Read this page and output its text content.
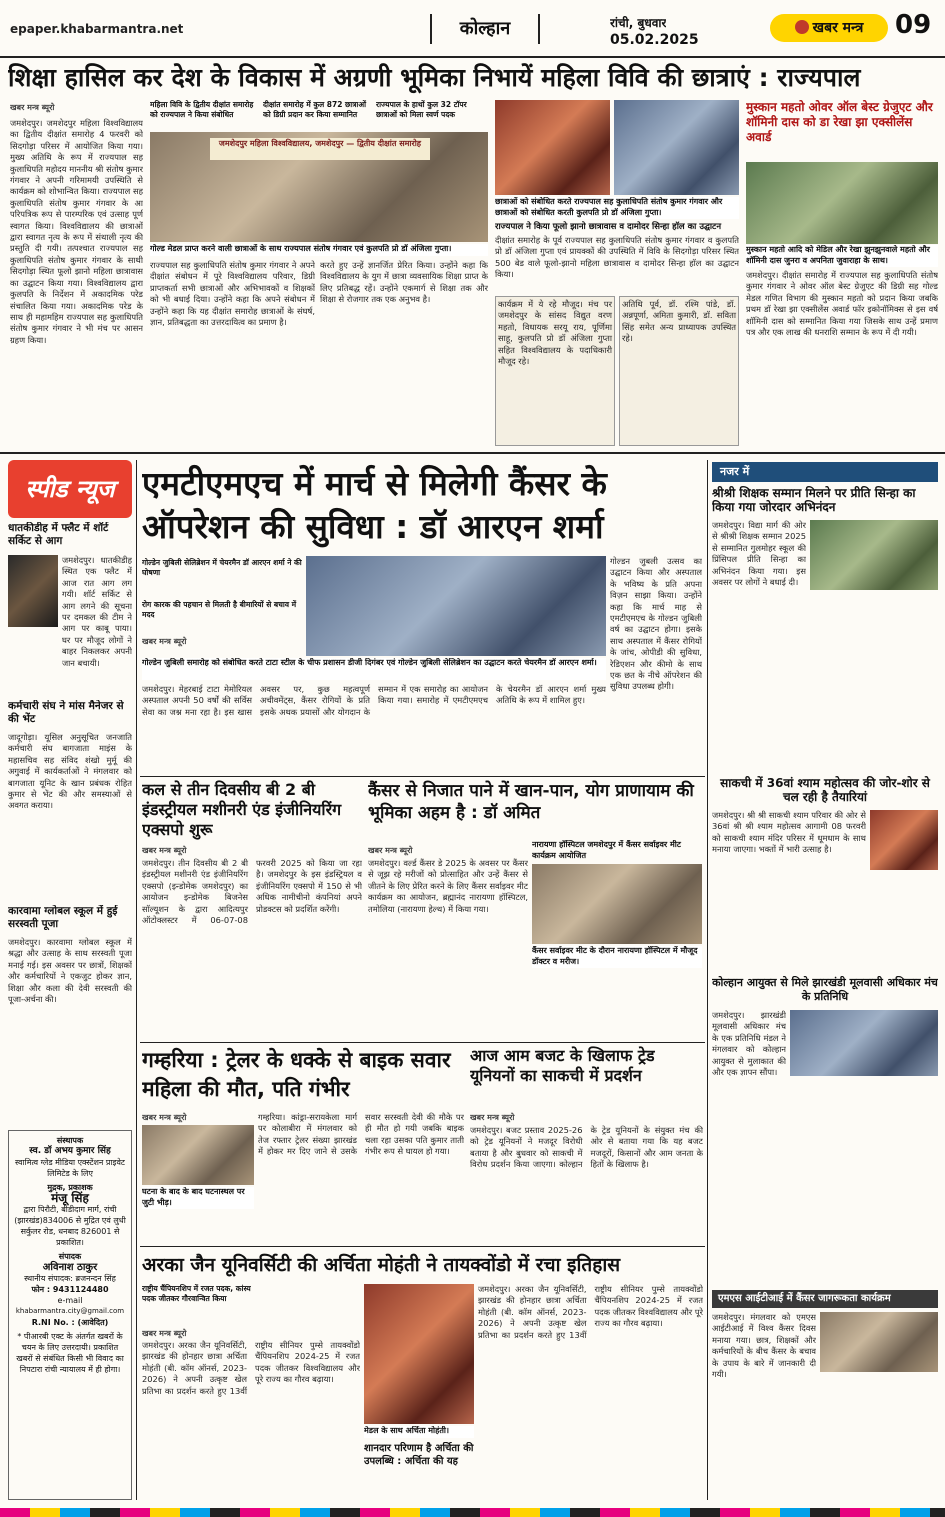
epaper.khabarmantra.net	कोल्हान	रांची, बुधवार
05.02.2025
खबर मन्त्र	09
शिक्षा हासिल कर देश के विकास में अग्रणी भूमिका निभायें महिला विवि की छात्राएं : राज्यपाल
खबर मन्त्र ब्यूरो
जमशेदपुर। जमशेदपुर महिला विश्वविद्यालय का द्वितीय दीक्षांत समारोह 4 फरवरी को सिदगोड़ा परिसर में आयोजित किया गया। मुख्य अतिथि के रूप में राज्यपाल सह कुलाधिपति महोदय माननीय श्री संतोष कुमार गंगवार ने अपनी गरिमामयी उपस्थिति से कार्यक्रम को शोभान्वित किया। राज्यपाल सह कुलाधिपति संतोष कुमार गंगवार के आ परिपत्रिक रूप से पारम्परिक एवं उत्साह पूर्ण स्वागत किया। विश्वविद्यालय की छात्राओं द्वारा स्वागत नृत्य के रूप में संथाली नृत्य की प्रस्तुति दी गयी। तत्पश्चात राज्यपाल सह कुलाधिपति संतोष कुमार गंगवार के साथी सिदगोड़ा स्थित फूलो झानो महिला छात्रावास का उद्घाटन किया गया। विश्वविद्यालय द्वारा कुलपति के निर्देशन में अकादमिक परेड संचालित किया गया। अकादमिक परेड के साथ ही महामहिम राज्यपाल सह कुलाधिपति संतोष कुमार गंगवार ने भी मंच पर आसन ग्रहण किया।
महिला विवि के द्वितीय दीक्षांत समारोह को राज्यपाल ने किया संबोधित
दीक्षांत समारोह में कुल 872 छात्राओं को डिग्री प्रदान कर किया सम्मानित
राज्यपाल के हाथों कुल 32 टॉपर छात्राओं को मिला स्वर्ण पदक
जमशेदपुर महिला विश्वविद्यालय, जमशेदपुर — द्वितीय दीक्षांत समारोह
गोल्ड मेडल प्राप्त करने वाली छात्राओं के साथ राज्यपाल संतोष गंगवार एवं कुलपति प्रो डॉ अंजिला गुप्ता।
राज्यपाल सह कुलाधिपति संतोष कुमार गंगवार ने अपने दीक्षांत संबोधन में पूरे विश्वविद्यालय परिवार, डिग्री प्राप्तकर्ता सभी छात्राओं और अभिभावकों व शिक्षकों को भी बधाई दिया। उन्होंने कहा कि अपने संबोधन में उन्होंने कहा कि यह दीक्षांत समारोह छात्राओं के संघर्ष, ज्ञान, प्रतिबद्धता का उत्तरदायित्व का प्रमाण है।
करते हुए उन्हें ज्ञानर्जित प्रेरित किया। उन्होंने कहा कि विश्वविद्यालय के युग में छात्रा व्यवसायिक शिक्षा प्राप्त के लिए प्रतिबद्ध रहें। उन्होंने एकमार्ग से शिक्षा तक और शिक्षा से रोजगार तक एक अनुभव है।
छात्राओं को संबोधित करते राज्यपाल सह कुलाधिपति संतोष कुमार गंगवार और छात्राओं को संबोधित करती कुलपति प्रो डॉ अंजिला गुप्ता।
राज्यपाल ने किया फूलो झानो छात्रावास व दामोदर सिन्हा हॉल का उद्घाटन
दीक्षांत समारोह के पूर्व राज्यपाल सह कुलाधिपति संतोष कुमार गंगवार व कुलपति प्रो डॉ अंजिला गुप्ता एवं प्रायक्कों की उपस्थिति में विवि के सिदगोड़ा परिसर स्थित 500 बेड वाले फूलो-झानो महिला छात्रावास व दामोदर सिन्हा हॉल का उद्घाटन किया।
कार्यक्रम में ये रहे मौजूद। मंच पर जमशेदपुर के सांसद विद्युत वरण महतो, विधायक सरयू राय, पूर्णिमा साहू, कुलपति प्रो डॉ अंजिला गुप्ता सहित विश्वविद्यालय के पदाधिकारी मौजूद रहे।
अतिथि पूर्व, डॉ. रश्मि पांडे, डॉ. अन्नपूर्णा, अमिता कुमारी, डॉ. सविता सिंह समेत अन्य प्राध्यापक उपस्थित रहे।
मुस्कान महतो ओवर ऑल बेस्ट ग्रेजुएट और शॉमिनी दास को डा रेखा झा एक्सीलेंस अवार्ड
मुस्कान महतो आदि को मेडिल और रेखा झुनझुनवाले महतो और शॉमिनी दास जुनरा व अपनिता जुवाराहा के साथ।
जमशेदपुर। दीक्षांत समारोह में राज्यपाल सह कुलाधिपति संतोष कुमार गंगवार ने ओवर ऑल बेस्ट ग्रेजुएट की डिग्री सह गोल्ड मेडल गणित विभाग की मुस्कान महतो को प्रदान किया जबकि प्रथम डॉ रेखा झा एक्सीलेंस अवार्ड फॉर इकोनॉमिक्स से इस वर्ष शॉमिनी दास को सम्मानित किया गया जिसके साथ उन्हें प्रमाण पत्र और एक लाख की धनराशि सम्मान के रूप में दी गयी।
स्पीड न्यूज
धातकीडीह में फ्लैट में शॉर्ट सर्किट से आग
जमशेदपुर। धातकीडीह स्थित एक फ्लैट में आज रात आग लग गयी। शॉर्ट सर्किट से आग लगने की सूचना पर दमकल की टीम ने आग पर काबू पाया। घर पर मौजूद लोगों ने बाहर निकलकर अपनी जान बचायी।
कर्मचारी संघ ने मांस मैनेजर से की भेंट
जादूगोड़ा। यूसिल अनुसूचित जनजाति कर्मचारी संघ बागजाता माइंस के महासचिव सह संविद शंखो मुर्मू की अगुवाई में कार्यकर्ताओं ने मंगलवार को बागजाता यूनिट के खान प्रबंधक रोहित कुमार से भेंट की और समस्याओं से अवगत कराया।
कारवामा ग्लोबल स्कूल में हुई सरस्वती पूजा
जमशेदपुर। कारवामा ग्लोबल स्कूल में श्रद्धा और उत्साह के साथ सरस्वती पूजा मनाई गई। इस अवसर पर छात्रों, शिक्षकों और कर्मचारियों ने एकजुट होकर ज्ञान, शिक्षा और कला की देवी सरस्वती की पूजा-अर्चना की।
संस्थापक
स्व. डॉ अभय कुमार सिंह
स्वामित्व ग्लेड मीडिया एक्स्टेंशन प्राइवेट लिमिटेड के लिए
मुद्रक, प्रकाशक
मंजू सिंह
द्वारा पिरौटी, बीडीदाग मार्ग, रांची (झारखंड)834006 से मुद्रित एवं लुधी सर्कुलर रोड, धनबाद 826001 से प्रकाशित।
संपादक
अविनाश ठाकुर
स्थानीय संपादक: ब्रजनन्दन सिंह
फोन : 9431124480
e-mail
khabarmantra.city@gmail.com
R.NI No. : (आवेदित)
* पीआरबी एक्ट के अंतर्गत खबरों के चयन के लिए उत्तरदायी। प्रकाशित खबरों से संबंधित किसी भी विवाद का निपटारा रांची न्यायालय में ही होगा।
एमटीएमएच में मार्च से मिलेगी कैंसर के ऑपरेशन की सुविधा : डॉ आरएन शर्मा
गोल्डेन जुबिली सेलिब्रेशन में चेयरमैन डॉ आरएन शर्मा ने की घोषणा
रोग कारक की पहचान से मिलती है बीमारियों से बचाव में मदद
गोल्डेन जुबिली समारोह को संबोधित करते टाटा स्टील के चीफ प्रशासन डीजी दिगंबर एवं गोल्डेन जुबिली सेलिब्रेशन का उद्घाटन करते चेयरमैन डॉ आरएन शर्मा।
खबर मन्त्र ब्यूरो
जमशेदपुर। मेहरबाई टाटा मेमोरियल अस्पताल अपनी 50 वर्षों की सर्विस सेवा का जश्न मना रहा है। इस खास अवसर पर, कुछ महत्वपूर्ण अचीवमेंट्स, कैंसर रोगियों के प्रति इसके अथक प्रयासों और योगदान के सम्मान में एक समारोह का आयोजन किया गया। समारोह में एमटीएमएच के चेयरमैन डॉ आरएन शर्मा मुख्य अतिथि के रूप में शामिल हुए।
गोल्डन जुबली उत्सव का उद्घाटन किया और अस्पताल के भविष्य के प्रति अपना विज़न साझा किया। उन्होंने कहा कि मार्च माह से एमटीएमएच के गोल्डन जुबिली वर्ष का उद्घाटन होगा। इसके साथ अस्पताल में कैंसर रोगियों के जांच, ओपीडी की सुविधा, रेडिएशन और कीमो के साथ एक छत के नीचे ऑपरेशन की सुविधा उपलब्ध होगी।
कल से तीन दिवसीय बी 2 बी इंडस्ट्रीयल मशीनरी एंड इंजीनियरिंग एक्सपो शुरू
खबर मन्त्र ब्यूरो
जमशेदपुर। तीन दिवसीय बी 2 बी इंडस्ट्रीयल मशीनरी एंड इंजीनियरिंग एक्सपो (इन्डोमेक जमशेदपुर) का आयोजन इन्डोमेक बिजनेस सॉल्यूशन के द्वारा आदित्यपुर ऑटोक्लस्टर में 06-07-08 फरवरी 2025 को किया जा रहा है। जमशेदपुर के इस इंडस्ट्रियल व इंजीनियरिंग एक्सपो में 150 से भी अधिक नामीचीनो कंपनियां अपने प्रोडक्टस को प्रदर्शित करेंगी।
कैंसर से निजात पाने में खान-पान, योग प्राणायाम की भूमिका अहम है : डॉ अमित
खबर मन्त्र ब्यूरो
नारायणा हॉस्पिटल जमशेदपुर में कैंसर सर्वाइवर मीट कार्यक्रम आयोजित
जमशेदपुर। वर्ल्ड कैंसर डे 2025 के अवसर पर कैंसर से जूझ रहे मरीजों को प्रोत्साहित और उन्हें कैंसर से जीतने के लिए प्रेरित करने के लिए कैंसर सर्वाइवर मीट कार्यक्रम का आयोजन, ब्रह्मानंद नारायणा हॉस्पिटल, तमोलिया (नारायणा हेल्थ) में किया गया।
कैंसर सर्वाइवर मीट के दौरान नारायणा हॉस्पिटल में मौजूद डॉक्टर व मरीज।
गम्हरिया : ट्रेलर के धक्के से बाइक सवार महिला की मौत, पति गंभीर
खबर मन्त्र ब्यूरो
घटना के बाद के बाद घटनास्थल पर जुटी भीड़।
गम्हरिया। कांड्रा-सरायकेला मार्ग पर कोलाबीरा में मंगलवार को तेज रफ्तार ट्रेलर संख्या झारखंड में होकर मर दिए जाने से उसके सवार सरस्वती देवी की मौके पर ही मौत हो गयी जबकि बाइक चला रहा उसका पति कुमार ताती गंभीर रूप से घायल हो गया।
आज आम बजट के खिलाफ ट्रेड यूनियनों का साकची में प्रदर्शन
खबर मन्त्र ब्यूरो
जमशेदपुर। बजट प्रस्ताव 2025-26 को ट्रेड यूनियनों ने मजदूर विरोधी बताया है और बुधवार को साकची में विरोध प्रदर्शन किया जाएगा। कोल्हान के ट्रेड यूनियनों के संयुक्त मंच की ओर से बताया गया कि यह बजट मजदूरों, किसानों और आम जनता के हितों के खिलाफ है।
अरका जैन यूनिवर्सिटी की अर्चिता मोहंती ने तायक्वोंडो में रचा इतिहास
राष्ट्रीय चैंपियनशिप में रजत पदक, कांस्य पदक जीतकर गौरवान्वित किया
खबर मन्त्र ब्यूरो
जमशेदपुर। अरका जैन यूनिवर्सिटी, झारखंड की होनहार छात्रा अर्चिता मोहंती (बी. कॉम ऑनर्स, 2023-2026) ने अपनी उत्कृष्ट खेल प्रतिभा का प्रदर्शन करते हुए 13वीं राष्ट्रीय सीनियर पुम्से तायक्वोंडो चैंपियनशिप 2024-25 में रजत पदक जीतकर विश्वविद्यालय और पूरे राज्य का गौरव बढ़ाया।
मेडल के साथ अर्चिता मोहंती।
शानदार परिणाम है अर्चिता की उपलब्धि : अर्चिता की यह
जमशेदपुर। अरका जैन यूनिवर्सिटी, झारखंड की होनहार छात्रा अर्चिता मोहंती (बी. कॉम ऑनर्स, 2023-2026) ने अपनी उत्कृष्ट खेल प्रतिभा का प्रदर्शन करते हुए 13वीं राष्ट्रीय सीनियर पुम्से तायक्वोंडो चैंपियनशिप 2024-25 में रजत पदक जीतकर विश्वविद्यालय और पूरे राज्य का गौरव बढ़ाया।
नजर में
श्रीश्री शिक्षक सम्मान मिलने पर प्रीति सिन्हा का किया गया जोरदार अभिनंदन
जमशेदपुर। विद्या मार्ग की ओर से श्रीश्री शिक्षक सम्मान 2025 से सम्मानित गुलमोहर स्कूल की प्रिंसिपल प्रीति सिन्हा का अभिनंदन किया गया। इस अवसर पर लोगों ने बधाई दी।
साकची में 36वां श्याम महोत्सव की जोर-शोर से चल रही है तैयारियां
जमशेदपुर। श्री श्री साकची श्याम परिवार की ओर से 36वां श्री श्री श्याम महोत्सव आगामी 08 फरवरी को साकची श्याम मंदिर परिसर में धूमधाम के साथ मनाया जाएगा। भक्तों में भारी उत्साह है।
कोल्हान आयुक्त से मिले झारखंडी मूलवासी अधिकार मंच के प्रतिनिधि
जमशेदपुर। झारखंडी मूलवासी अधिकार मंच के एक प्रतिनिधि मंडल ने मंगलवार को कोल्हान आयुक्त से मुलाकात की और एक ज्ञापन सौंपा।
एमएस आईटीआई में कैंसर जागरूकता कार्यक्रम
जमशेदपुर। मंगलवार को एमएस आईटीआई में विश्व कैंसर दिवस मनाया गया। छात्र, शिक्षकों और कर्मचारियों के बीच कैंसर के बचाव के उपाय के बारे में जानकारी दी गयी।
